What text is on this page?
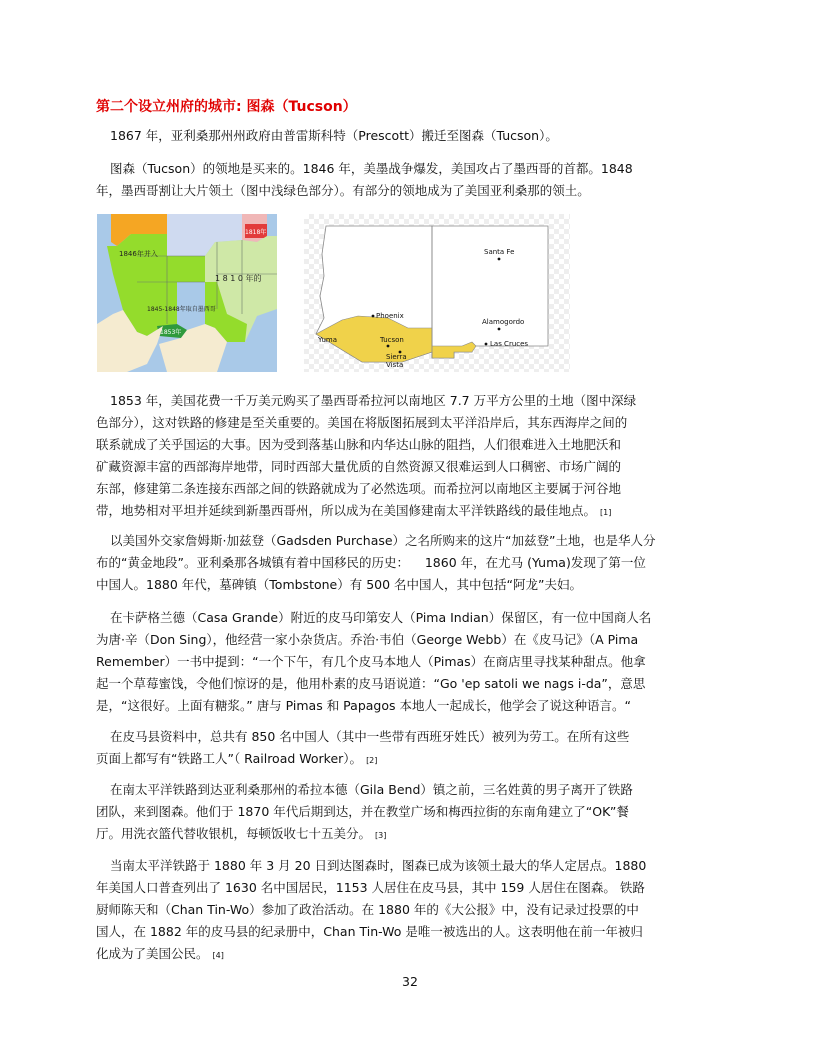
第二个设立州府的城市: 图森（Tucson）
1867 年，亚利桑那州州政府由普雷斯科特（Prescott）搬迁至图森（Tucson）。
图森（Tucson）的领地是买来的。1846 年，美墨战争爆发，美国攻占了墨西哥的首都。1848
年，墨西哥割让大片领土（图中浅绿色部分）。有部分的领地成为了美国亚利桑那的领土。
1846年并入
1818年
1 8 1 0 年的
1845-1848年取自墨西哥
1853年
Santa Fe
Phoenix
Alamogordo
Yuma	Tucson	Las Cruces
Sierra
Vista
1853 年，美国花费一千万美元购买了墨西哥希拉河以南地区 7.7 万平方公里的土地（图中深绿
色部分），这对铁路的修建是至关重要的。美国在将版图拓展到太平洋沿岸后，其东西海岸之间的
联系就成了关乎国运的大事。因为受到落基山脉和内华达山脉的阻挡，人们很难进入土地肥沃和
矿藏资源丰富的西部海岸地带，同时西部大量优质的自然资源又很难运到人口稠密、市场广阔的
东部，修建第二条连接东西部之间的铁路就成为了必然选项。而希拉河以南地区主要属于河谷地
带，地势相对平坦并延续到新墨西哥州，所以成为在美国修建南太平洋铁路线的最佳地点。 [1]
以美国外交家詹姆斯·加兹登（Gadsden Purchase）之名所购来的这片“加兹登”土地，也是华人分
布的“黄金地段”。亚利桑那各城镇有着中国移民的历史：    1860 年，在尤马 (Yuma)发现了第一位
中国人。1880 年代，墓碑镇（Tombstone）有 500 名中国人，其中包括“阿龙”夫妇。
在卡萨格兰德（Casa Grande）附近的皮马印第安人（Pima Indian）保留区，有一位中国商人名
为唐·辛（Don Sing），他经营一家小杂货店。乔治·韦伯（George Webb）在《皮马记》（A Pima
Remember）一书中提到：“一个下午，有几个皮马本地人（Pimas）在商店里寻找某种甜点。他拿
起一个草莓蜜饯，令他们惊讶的是，他用朴素的皮马语说道：“Go 'ep satoli we nags i-da”，意思
是，“这很好。上面有糖浆。” 唐与 Pimas 和 Papagos 本地人一起成长，他学会了说这种语言。“
在皮马县资料中，总共有 850 名中国人（其中一些带有西班牙姓氏）被列为劳工。在所有这些
页面上都写有“铁路工人”（ Railroad Worker）。 [2]
在南太平洋铁路到达亚利桑那州的希拉本德（Gila Bend）镇之前，三名姓黄的男子离开了铁路
团队，来到图森。他们于 1870 年代后期到达，并在教堂广场和梅西拉街的东南角建立了“OK”餐
厅。用洗衣篮代替收银机，每顿饭收七十五美分。 [3]
当南太平洋铁路于 1880 年 3 月 20 日到达图森时，图森已成为该领土最大的华人定居点。1880
年美国人口普查列出了 1630 名中国居民，1153 人居住在皮马县，其中 159 人居住在图森。 铁路
厨师陈天和（Chan Tin-Wo）参加了政治活动。在 1880 年的《大公报》中，没有记录过投票的中
国人，在 1882 年的皮马县的纪录册中，Chan Tin-Wo 是唯一被选出的人。这表明他在前一年被归
化成为了美国公民。 [4]
32
